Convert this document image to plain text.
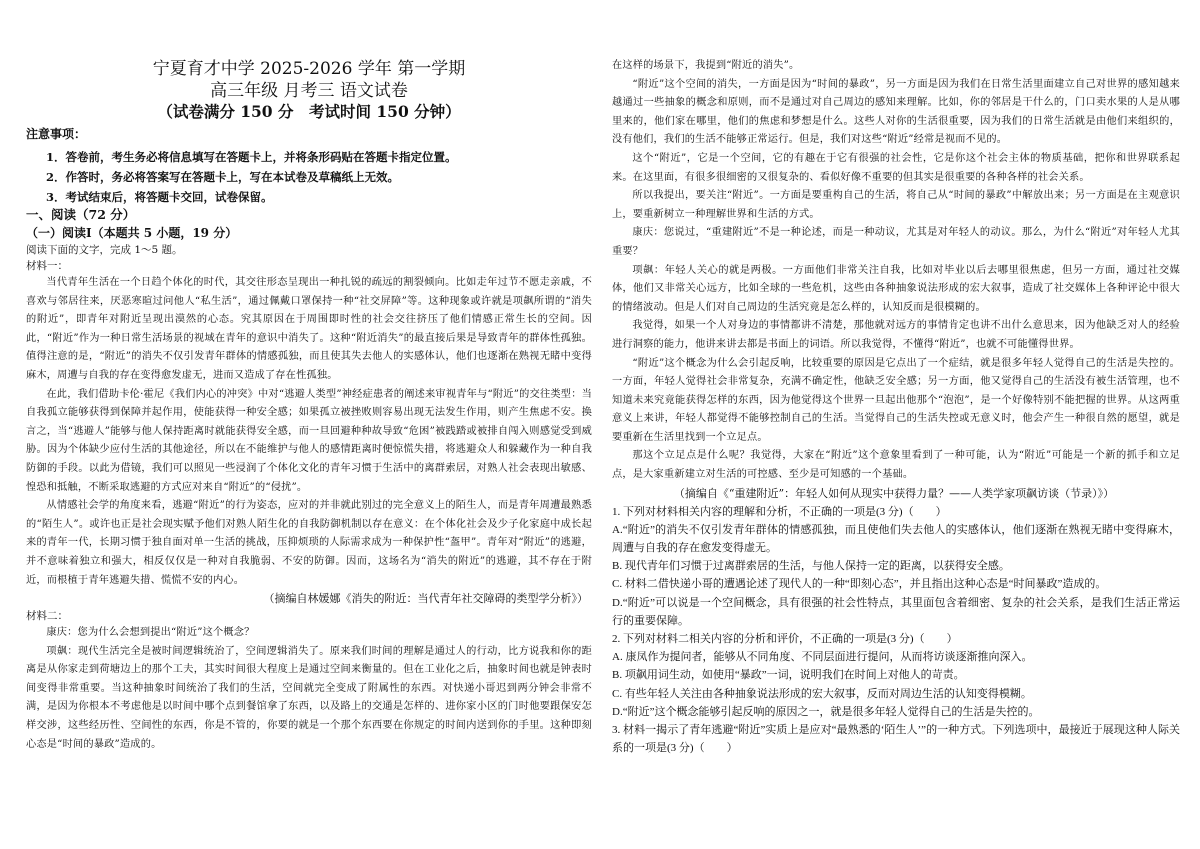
宁夏育才中学 2025-2026 学年 第一学期
高三年级 月考三 语文试卷
（试卷满分 150 分　考试时间 150 分钟）

注意事项：

1．答卷前，考生务必将信息填写在答题卡上，并将条形码贴在答题卡指定位置。

2．作答时，务必将答案写在答题卡上，写在本试卷及草稿纸上无效。

3．考试结束后，将答题卡交回，试卷保留。

一、阅读（72 分）

（一）阅读Ⅰ（本题共 5 小题，19 分）

阅读下面的文字，完成 1～5 题。

材料一：

当代青年生活在一个日趋个体化的时代，其交往形态呈现出一种扎锐的疏远的割裂倾向。比如走年过节不愿走亲戚，不喜欢与邻居往来，厌恶寒暄过问他人“私生活”，通过佩戴口罩保持一种“社交屏障”等。这种现象或许就是项飙所谓的“消失的附近”，即青年对附近呈现出漠然的心态。究其原因在于周围即时性的社会交往挤压了他们情感正常生长的空间。因此，“附近”作为一种日常生活场景的视域在青年的意识中消失了。这种“附近消失”的最直接后果是导致青年的群体性孤独。值得注意的是，“附近”的消失不仅引发青年群体的情感孤独，而且使其失去他人的实感体认，他们也逐渐在熟视无睹中变得麻木，周遭与自我的存在变得愈发虚无，进而又造成了存在性孤独。

在此，我们借助卡伦·霍尼《我们内心的冲突》中对“逃避人类型”神经症患者的阐述来审视青年与“附近”的交往类型：当自我孤立能够获得到保障并起作用，使能获得一种安全感；如果孤立被挫败则容易出现无法发生作用，则产生焦虑不安。换言之，当“逃避人”能够与他人保持距离时就能获得安全感，而一旦回避种种故导致“危困”被践踏或被排自闯入则感觉受到威胁。因为个体缺少应付生活的其他途径，所以在不能维护与他人的感情距离时便惊慌失措，将逃避众人和躲藏作为一种自我防御的手段。以此为借镜，我们可以照见一些浸润了个体化文化的青年习惯于生活中的离群索居，对熟人社会表现出敏感、惶恐和抵触，不断采取逃避的方式应对来自“附近”的“侵扰”。

从情感社会学的角度来看，逃避“附近”的行为姿态，应对的并非就此别过的完全意义上的陌生人，而是青年周遭最熟悉的“陌生人”。或许也正是社会现实赋予他们对熟人陌生化的自我防御机制以存在意义：在个体化社会及少子化家庭中成长起来的青年一代，长期习惯于独自面对单一生活的挑战，压抑烦琐的人际需求成为一种保护性“盔甲”。青年对“附近”的逃避，并不意味着独立和强大，相反仅仅是一种对自我脆弱、不安的防御。因而，这场名为“消失的附近”的逃避，其不存在于附近，而根植于青年逃避失措、慌慌不安的内心。

（摘编自林媛娜《消失的附近：当代青年社交障碍的类型学分析》）

材料二：

康庆：您为什么会想到提出“附近”这个概念？

项飙：现代生活完全是被时间逻辑统治了，空间逻辑消失了。原来我们时间的理解是通过人的行动，比方说我和你的距离是从你家走到荷塘边上的那个工夫，其实时间很大程度上是通过空间来衡量的。但在工业化之后，抽象时间也就是钟表时间变得非常重要。当这种抽象时间统治了我们的生活，空间就完全变成了附属性的东西。对快递小哥迟到两分钟会非常不满，是因为你根本不考虑他是以时间中哪个点到餐馆拿了东西，以及路上的交通是怎样的、进你家小区的门时他要跟保安怎样交涉，这些经历性、空间性的东西，你是不管的，你要的就是一个那个东西要在你规定的时间内送到你的手里。这种即刻心态是“时间的暴政”造成的。

在这样的场景下，我提到“附近的消失”。

“附近”这个空间的消失，一方面是因为“时间的暴政”，另一方面是因为我们在日常生活里面建立自己对世界的感知越来越通过一些抽象的概念和原则，而不是通过对自己周边的感知来理解。比如，你的邻居是干什么的，门口卖水果的人是从哪里来的，他们家在哪里，他们的焦虑和梦想是什么。这些人对你的生活很重要，因为我们的日常生活就是由他们来组织的，没有他们，我们的生活不能够正常运行。但是，我们对这些“附近”经常是视而不见的。

这个“附近”，它是一个空间，它的有趣在于它有很强的社会性，它是你这个社会主体的物质基础，把你和世界联系起来。在这里面，有很多很细密的又很复杂的、看似好像不重要的但其实是很重要的各种各样的社会关系。

所以我提出，要关注“附近”。一方面是要重构自己的生活，将自己从“时间的暴政”中解放出来；另一方面是在主观意识上，要重新树立一种理解世界和生活的方式。

康庆：您说过，“重建附近”不是一种论述，而是一种动议，尤其是对年轻人的动议。那么，为什么“附近”对年轻人尤其重要？

项飙：年轻人关心的就是两极。一方面他们非常关注自我，比如对毕业以后去哪里很焦虑，但另一方面，通过社交媒体，他们又非常关心远方，比如全球的一些危机，这些由各种抽象说法形成的宏大叙事，造成了社交媒体上各种评论中很大的情绪波动。但是人们对自己周边的生活究竟是怎么样的，认知反而是很模糊的。

我觉得，如果一个人对身边的事情都讲不清楚，那他就对远方的事情肯定也讲不出什么意思来，因为他缺乏对人的经验进行洞察的能力，他讲来讲去都是书面上的词语。所以我觉得，不懂得“附近”，也就不可能懂得世界。

“附近”这个概念为什么会引起反响，比较重要的原因是它点出了一个症结，就是很多年轻人觉得自己的生活是失控的。一方面，年轻人觉得社会非常复杂，充满不确定性，他缺乏安全感；另一方面，他又觉得自己的生活没有被生活管理，也不知道未来究竟能获得怎样的东西，因为他觉得这个世界一旦起出他那个“泡泡”，是一个好像特别不能把握的世界。从这两重意义上来讲，年轻人都觉得不能够控制自己的生活。当觉得自己的生活失控或无意义时，他会产生一种很自然的愿望，就是要重新在生活里找到一个立足点。

那这个立足点是什么呢？我觉得，大家在“附近”这个意象里看到了一种可能，认为“附近”可能是一个新的抓手和立足点，是大家重新建立对生活的可控感、至少是可知感的一个基础。

（摘编自《“重建附近”：年轻人如何从现实中获得力量？——人类学家项飙访谈（节录）》）

1. 下列对材料相关内容的理解和分析，不正确的一项是(3 分)（　　）

A.“附近”的消失不仅引发青年群体的情感孤独，而且使他们失去他人的实感体认，他们逐渐在熟视无睹中变得麻木，周遭与自我的存在愈发变得虚无。

B. 现代青年们习惯于过离群索居的生活，与他人保持一定的距离，以获得安全感。

C. 材料二借快递小哥的遭遇论述了现代人的一种“即刻心态”，并且指出这种心态是“时间暴政”造成的。

D.“附近”可以说是一个空间概念，具有很强的社会性特点，其里面包含着细密、复杂的社会关系，是我们生活正常运行的重要保障。

2. 下列对材料二相关内容的分析和评价，不正确的一项是(3 分)（　　）

A. 康凤作为提问者，能够从不同角度、不同层面进行提问，从而将访谈逐渐推向深入。

B. 项飙用词生动，如使用“暴政”一词，说明我们在时间上对他人的苛责。

C. 有些年轻人关注由各种抽象说法形成的宏大叙事，反而对周边生活的认知变得模糊。

D.“附近”这个概念能够引起反响的原因之一，就是很多年轻人觉得自己的生活是失控的。

3. 材料一揭示了青年逃避“附近”实质上是应对“最熟悉的‘陌生人’”的一种方式。下列选项中，最接近于展现这种人际关系的一项是(3 分)（　　）
